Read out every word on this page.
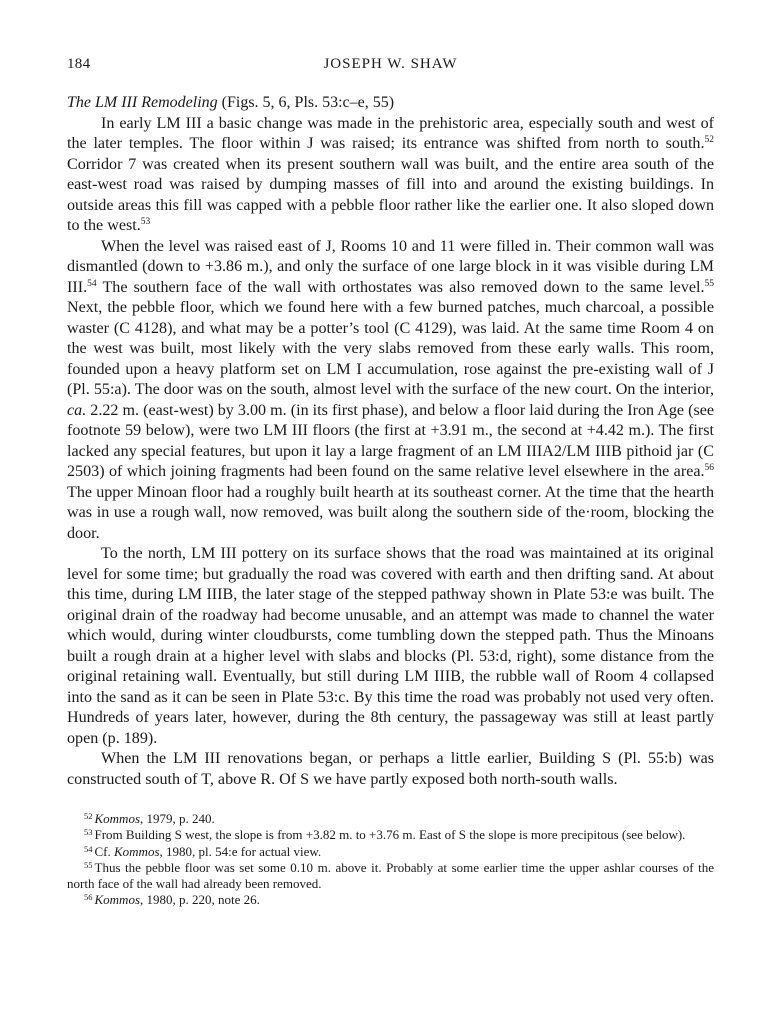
184	JOSEPH W. SHAW
The LM III Remodeling (Figs. 5, 6, Pls. 53:c–e, 55)

In early LM III a basic change was made in the prehistoric area, especially south and west of the later temples. The floor within J was raised; its entrance was shifted from north to south.$^{52}$ Corridor 7 was created when its present southern wall was built, and the entire area south of the east-west road was raised by dumping masses of fill into and around the existing buildings. In outside areas this fill was capped with a pebble floor rather like the earlier one. It also sloped down to the west.$^{53}$

When the level was raised east of J, Rooms 10 and 11 were filled in. Their common wall was dismantled (down to +3.86 m.), and only the surface of one large block in it was visible during LM III.$^{54}$ The southern face of the wall with orthostates was also removed down to the same level.$^{55}$ Next, the pebble floor, which we found here with a few burned patches, much charcoal, a possible waster (C 4128), and what may be a potter’s tool (C 4129), was laid. At the same time Room 4 on the west was built, most likely with the very slabs removed from these early walls. This room, founded upon a heavy platform set on LM I accumulation, rose against the pre-existing wall of J (Pl. 55:a). The door was on the south, almost level with the surface of the new court. On the interior, ca. 2.22 m. (east-west) by 3.00 m. (in its first phase), and below a floor laid during the Iron Age (see footnote 59 below), were two LM III floors (the first at +3.91 m., the second at +4.42 m.). The first lacked any special features, but upon it lay a large fragment of an LM IIIA2/LM IIIB pithoid jar (C 2503) of which joining fragments had been found on the same relative level elsewhere in the area.$^{56}$ The upper Minoan floor had a roughly built hearth at its southeast corner. At the time that the hearth was in use a rough wall, now removed, was built along the southern side of the·room, blocking the door.

To the north, LM III pottery on its surface shows that the road was maintained at its original level for some time; but gradually the road was covered with earth and then drifting sand. At about this time, during LM IIIB, the later stage of the stepped pathway shown in Plate 53:e was built. The original drain of the roadway had become unusable, and an attempt was made to channel the water which would, during winter cloudbursts, come tumbling down the stepped path. Thus the Minoans built a rough drain at a higher level with slabs and blocks (Pl. 53:d, right), some distance from the original retaining wall. Eventually, but still during LM IIIB, the rubble wall of Room 4 collapsed into the sand as it can be seen in Plate 53:c. By this time the road was probably not used very often. Hundreds of years later, however, during the 8th century, the passageway was still at least partly open (p. 189).

When the LM III renovations began, or perhaps a little earlier, Building S (Pl. 55:b) was constructed south of T, above R. Of S we have partly exposed both north-south walls.

$^{52}$ Kommos, 1979, p. 240.

$^{53}$ From Building S west, the slope is from +3.82 m. to +3.76 m. East of S the slope is more precipitous (see below).

$^{54}$ Cf. Kommos, 1980, pl. 54:e for actual view.

$^{55}$ Thus the pebble floor was set some 0.10 m. above it. Probably at some earlier time the upper ashlar courses of the north face of the wall had already been removed.

$^{56}$ Kommos, 1980, p. 220, note 26.
